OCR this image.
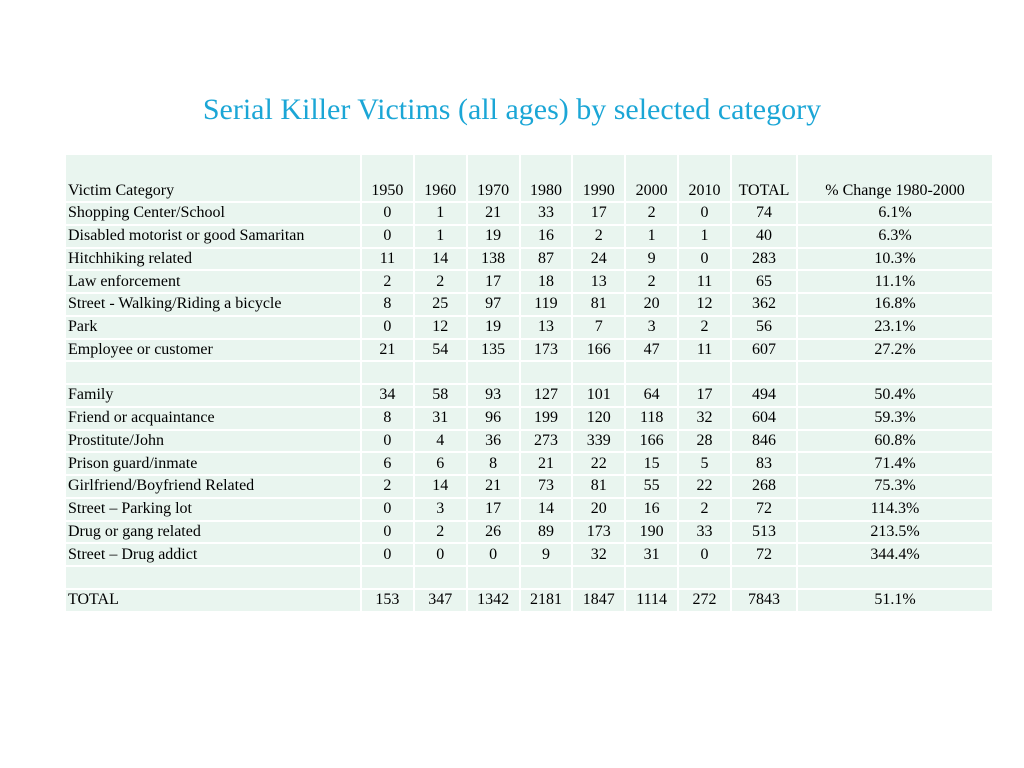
Serial Killer Victims (all ages) by selected category
Victim Category	1950	1960	1970	1980	1990	2000	2010	TOTAL	% Change 1980-2000
Shopping Center/School	0	1	21	33	17	2	0	74	6.1%
Disabled motorist or good Samaritan	0	1	19	16	2	1	1	40	6.3%
Hitchhiking related	11	14	138	87	24	9	0	283	10.3%
Law enforcement	2	2	17	18	13	2	11	65	11.1%
Street - Walking/Riding a bicycle	8	25	97	119	81	20	12	362	16.8%
Park	0	12	19	13	7	3	2	56	23.1%
Employee or customer	21	54	135	173	166	47	11	607	27.2%

Family	34	58	93	127	101	64	17	494	50.4%
Friend or acquaintance	8	31	96	199	120	118	32	604	59.3%
Prostitute/John	0	4	36	273	339	166	28	846	60.8%
Prison guard/inmate	6	6	8	21	22	15	5	83	71.4%
Girlfriend/Boyfriend Related	2	14	21	73	81	55	22	268	75.3%
Street – Parking lot	0	3	17	14	20	16	2	72	114.3%
Drug or gang related	0	2	26	89	173	190	33	513	213.5%
Street – Drug addict	0	0	0	9	32	31	0	72	344.4%

TOTAL	153	347	1342	2181	1847	1114	272	7843	51.1%
